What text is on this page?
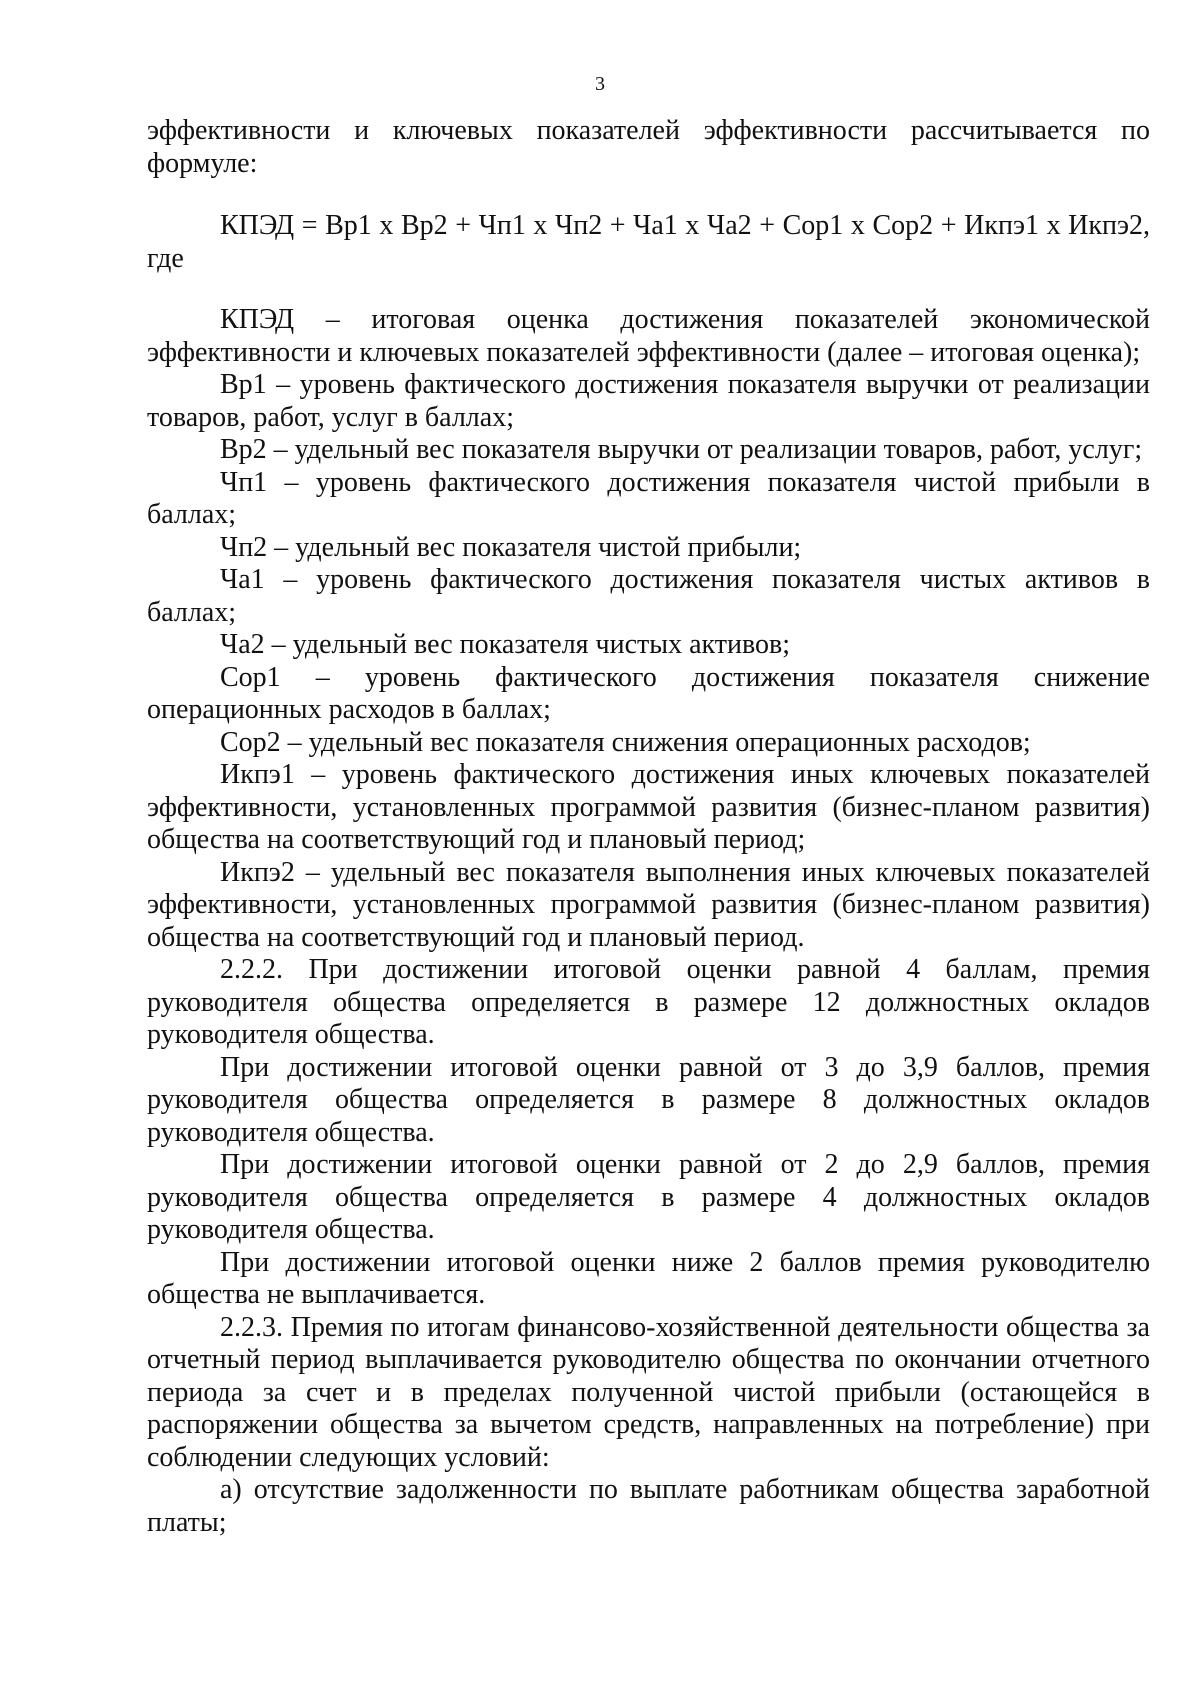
3

эффективности и ключевых показателей эффективности рассчитывается по формуле:

КПЭД = Вр1 х Вр2 + Чп1 х Чп2 + Ча1 х Ча2 + Сор1 х Сор2 + Икпэ1 х Икпэ2,

где

КПЭД – итоговая оценка достижения показателей экономической эффективности и ключевых показателей эффективности (далее – итоговая оценка);

Вр1 – уровень фактического достижения показателя выручки от реализации товаров, работ, услуг в баллах;

Вр2 – удельный вес показателя выручки от реализации товаров, работ, услуг;

Чп1 – уровень фактического достижения показателя чистой прибыли в баллах;

Чп2 – удельный вес показателя чистой прибыли;

Ча1 – уровень фактического достижения показателя чистых активов в баллах;

Ча2 – удельный вес показателя чистых активов;

Сор1 – уровень фактического достижения показателя снижение операционных расходов в баллах;

Сор2 – удельный вес показателя снижения операционных расходов;

Икпэ1 – уровень фактического достижения иных ключевых показателей эффективности, установленных программой развития (бизнес-планом развития) общества на соответствующий год и плановый период;

Икпэ2 – удельный вес показателя выполнения иных ключевых показателей эффективности, установленных программой развития (бизнес-планом развития) общества на соответствующий год и плановый период.

2.2.2. При достижении итоговой оценки равной 4 баллам, премия руководителя общества определяется в размере 12 должностных окладов руководителя общества.

При достижении итоговой оценки равной от 3 до 3,9 баллов, премия руководителя общества определяется в размере 8 должностных окладов руководителя общества.

При достижении итоговой оценки равной от 2 до 2,9 баллов, премия руководителя общества определяется в размере 4 должностных окладов руководителя общества.

При достижении итоговой оценки ниже 2 баллов премия руководителю общества не выплачивается.

2.2.3. Премия по итогам финансово-хозяйственной деятельности общества за отчетный период выплачивается руководителю общества по окончании отчетного периода за счет и в пределах полученной чистой прибыли (остающейся в распоряжении общества за вычетом средств, направленных на потребление) при соблюдении следующих условий:

а) отсутствие задолженности по выплате работникам общества заработной платы;
